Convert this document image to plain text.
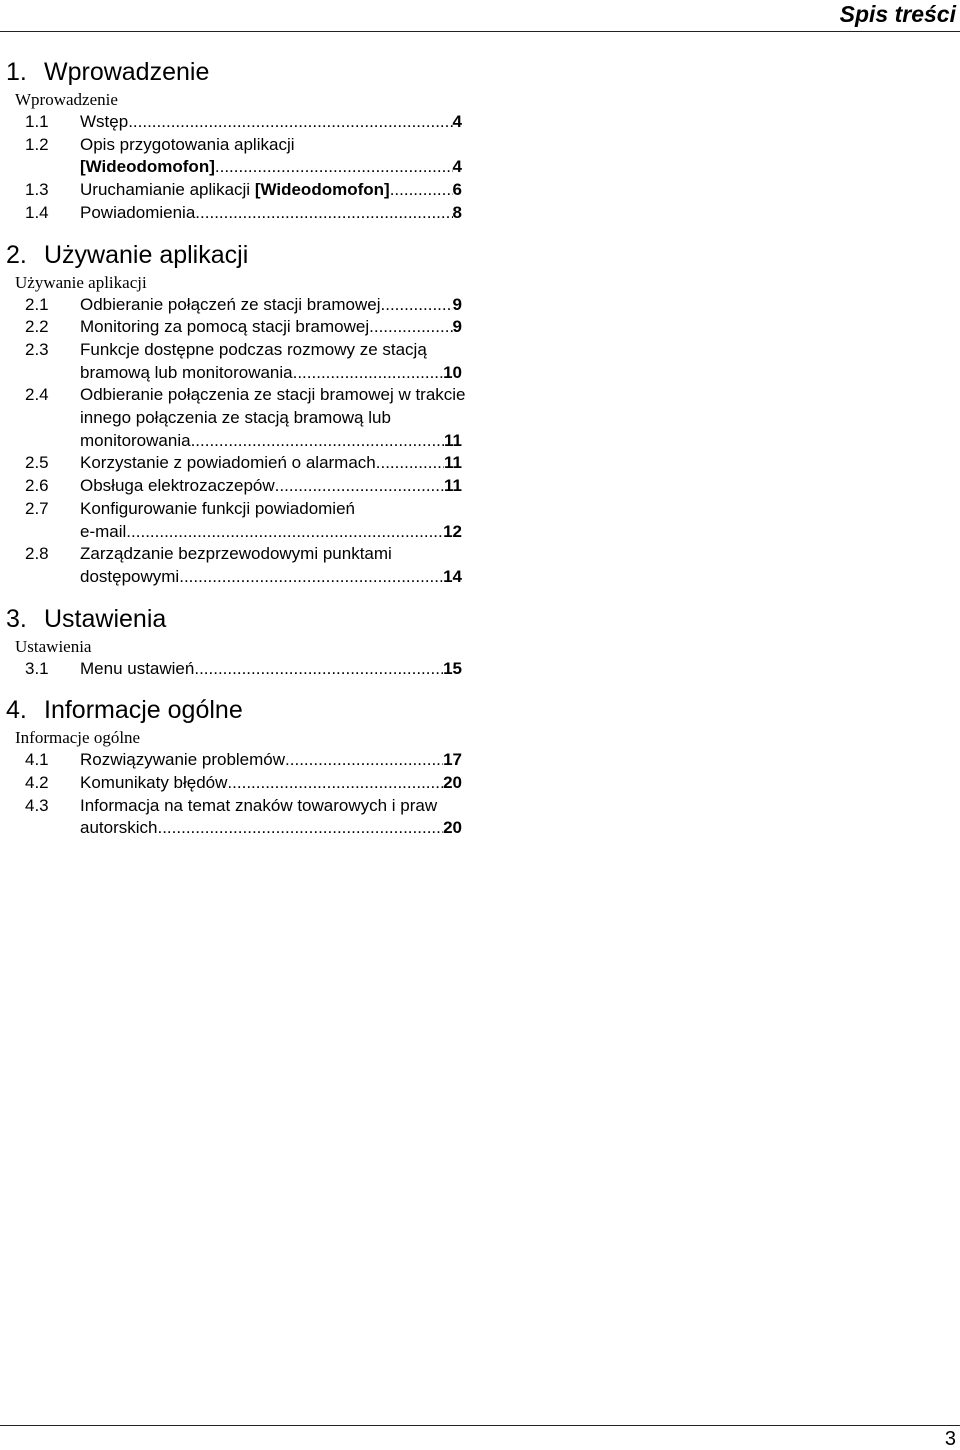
Spis treści
1. Wprowadzenie
Wprowadzenie
1.1	Wstęp .....	4
1.2	Opis przygotowania aplikacji
[Wideodomofon] .....	4
1.3	Uruchamianie aplikacji [Wideodomofon] .....	6
1.4	Powiadomienia .....	8
2. Używanie aplikacji
Używanie aplikacji
2.1	Odbieranie połączeń ze stacji bramowej .....	9
2.2	Monitoring za pomocą stacji bramowej .....	9
2.3	Funkcje dostępne podczas rozmowy ze stacją
bramową lub monitorowania .....	10
2.4	Odbieranie połączenia ze stacji bramowej w trakcie
innego połączenia ze stacją bramową lub
monitorowania .....	11
2.5	Korzystanie z powiadomień o alarmach .....	11
2.6	Obsługa elektrozaczepów .....	11
2.7	Konfigurowanie funkcji powiadomień
e-mail .....	12
2.8	Zarządzanie bezprzewodowymi punktami
dostępowymi .....	14
3. Ustawienia
Ustawienia
3.1	Menu ustawień .....	15
4. Informacje ogólne
Informacje ogólne
4.1	Rozwiązywanie problemów .....	17
4.2	Komunikaty błędów .....	20
4.3	Informacja na temat znaków towarowych i praw
autorskich .....	20
3
